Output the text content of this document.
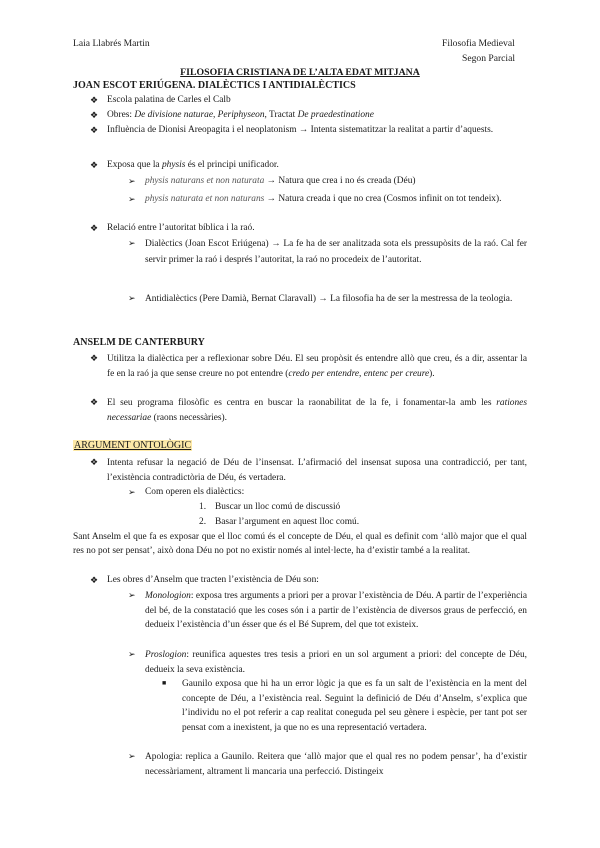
Laia Llabrés Martin	Filosofia Medieval
Segon Parcial
FILOSOFIA CRISTIANA DE L’ALTA EDAT MITJANA
JOAN ESCOT ERIÚGENA. DIALÈCTICS I ANTIDIALÈCTICS
❖ Escola palatina de Carles el Calb
❖ Obres: De divisione naturae, Periphyseon, Tractat De praedestinatione
❖ Influència de Dionisi Areopagita i el neoplatonism → Intenta sistematitzar la realitat a partir d’aquests.
❖ Exposa que la physis és el principi unificador.
➢ physis naturans et non naturata → Natura que crea i no és creada (Déu)
➢ physis naturata et non naturans → Natura creada i que no crea (Cosmos infinit on tot tendeix).
❖ Relació entre l’autoritat bíblica i la raó.
➢ Dialèctics (Joan Escot Eriúgena) → La fe ha de ser analitzada sota els pressupòsits de la raó. Cal fer servir primer la raó i després l’autoritat, la raó no procedeix de l’autoritat.
➢ Antidialèctics (Pere Damià, Bernat Claravall) → La filosofia ha de ser la mestressa de la teologia.
ANSELM DE CANTERBURY
❖ Utilitza la dialèctica per a reflexionar sobre Déu. El seu propòsit és entendre allò que creu, és a dir, assentar la fe en la raó ja que sense creure no pot entendre (credo per entendre, entenc per creure).
❖ El seu programa filosòfic es centra en buscar la raonabilitat de la fe, i fonamentar-la amb les rationes necessariae (raons necessàries).
ARGUMENT ONTOLÒGIC
❖ Intenta refusar la negació de Déu de l’insensat. L’afirmació del insensat suposa una contradicció, per tant, l’existència contradictòria de Déu, és vertadera.
➢ Com operen els dialèctics:
1. Buscar un lloc comú de discussió
2. Basar l’argument en aquest lloc comú.
Sant Anselm el que fa es exposar que el lloc comú és el concepte de Déu, el qual es definit com ‘allò major que el qual res no pot ser pensat’, això dona Déu no pot no existir només al intel·lecte, ha d’existir també a la realitat.
❖ Les obres d’Anselm que tracten l’existència de Déu son:
➢ Monologion: exposa tres arguments a priori per a provar l’existència de Déu. A partir de l’experiència del bé, de la constatació que les coses són i a partir de l’existència de diversos graus de perfecció, en dedueix l’existència d’un ésser que és el Bé Suprem, del que tot existeix.
➢ Proslogion: reunifica aquestes tres tesis a priori en un sol argument a priori: del concepte de Déu, dedueix la seva existència.
■ Gaunilo exposa que hi ha un error lògic ja que es fa un salt de l’existència en la ment del concepte de Déu, a l’existència real. Seguint la definició de Déu d’Anselm, s’explica que l’individu no el pot referir a cap realitat coneguda pel seu gènere i espècie, per tant pot ser pensat com a inexistent, ja que no es una representació vertadera.
➢ Apologia: replica a Gaunilo. Reitera que ‘allò major que el qual res no podem pensar’, ha d’existir necessàriament, altrament li mancaria una perfecció. Distingeix
